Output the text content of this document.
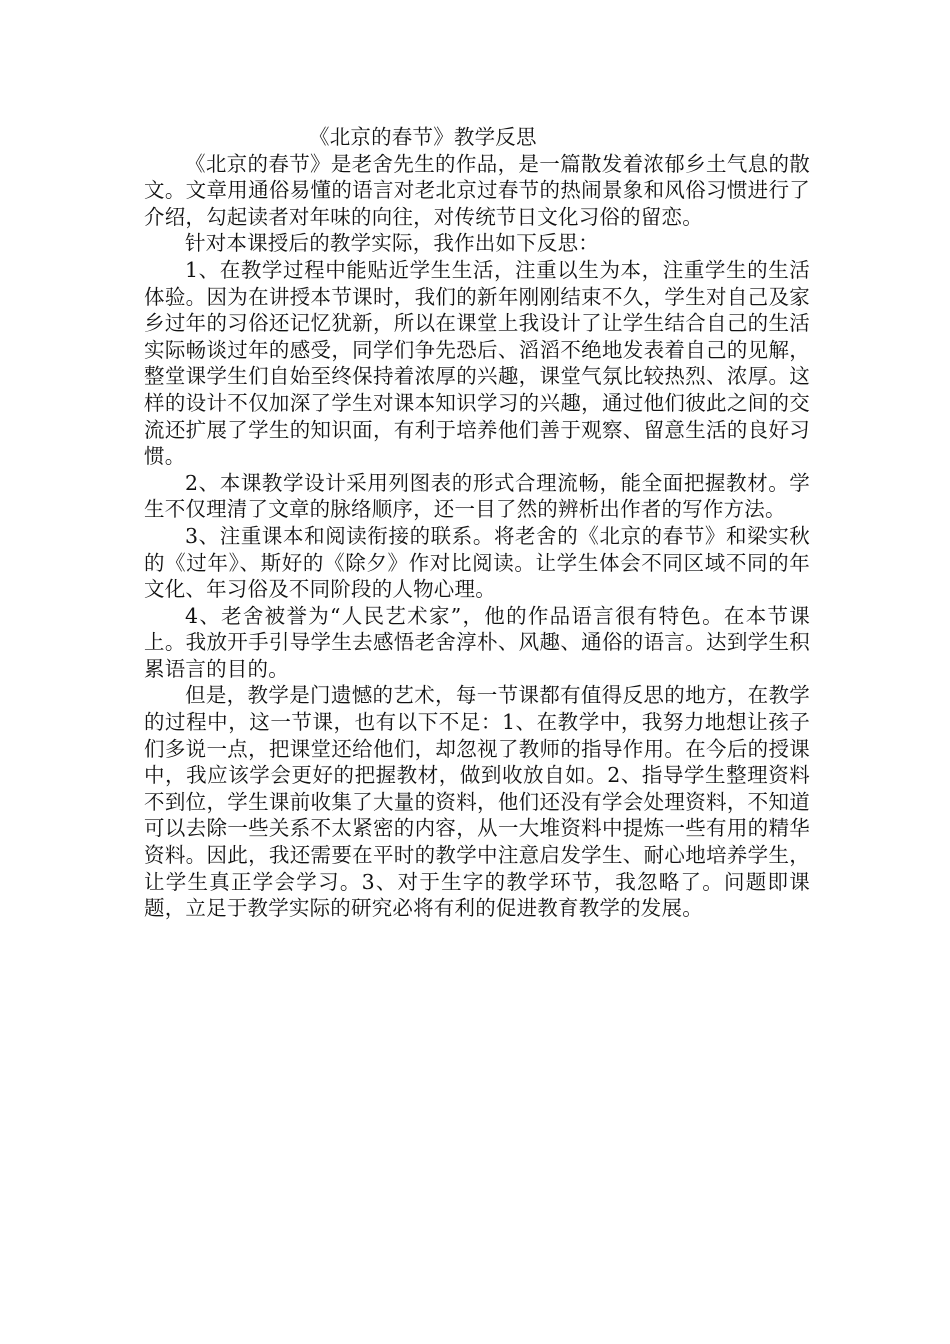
《北京的春节》教学反思

《北京的春节》是老舍先生的作品，是一篇散发着浓郁乡土气息的散文。文章用通俗易懂的语言对老北京过春节的热闹景象和风俗习惯进行了介绍，勾起读者对年味的向往，对传统节日文化习俗的留恋。

针对本课授后的教学实际，我作出如下反思：

1、在教学过程中能贴近学生生活，注重以生为本，注重学生的生活体验。因为在讲授本节课时，我们的新年刚刚结束不久，学生对自己及家乡过年的习俗还记忆犹新，所以在课堂上我设计了让学生结合自己的生活实际畅谈过年的感受，同学们争先恐后、滔滔不绝地发表着自己的见解，整堂课学生们自始至终保持着浓厚的兴趣，课堂气氛比较热烈、浓厚。这样的设计不仅加深了学生对课本知识学习的兴趣，通过他们彼此之间的交流还扩展了学生的知识面，有利于培养他们善于观察、留意生活的良好习惯。

2、本课教学设计采用列图表的形式合理流畅，能全面把握教材。学生不仅理清了文章的脉络顺序，还一目了然的辨析出作者的写作方法。

3、注重课本和阅读衔接的联系。将老舍的《北京的春节》和梁实秋的《过年》、斯好的《除夕》作对比阅读。让学生体会不同区域不同的年文化、年习俗及不同阶段的人物心理。

4、老舍被誉为“人民艺术家”，他的作品语言很有特色。在本节课上。我放开手引导学生去感悟老舍淳朴、风趣、通俗的语言。达到学生积累语言的目的。

但是，教学是门遗憾的艺术，每一节课都有值得反思的地方，在教学的过程中，这一节课，也有以下不足：1、在教学中，我努力地想让孩子们多说一点，把课堂还给他们，却忽视了教师的指导作用。在今后的授课中，我应该学会更好的把握教材，做到收放自如。2、指导学生整理资料不到位，学生课前收集了大量的资料，他们还没有学会处理资料，不知道可以去除一些关系不太紧密的内容，从一大堆资料中提炼一些有用的精华资料。因此，我还需要在平时的教学中注意启发学生、耐心地培养学生，让学生真正学会学习。3、对于生字的教学环节，我忽略了。问题即课题，立足于教学实际的研究必将有利的促进教育教学的发展。
